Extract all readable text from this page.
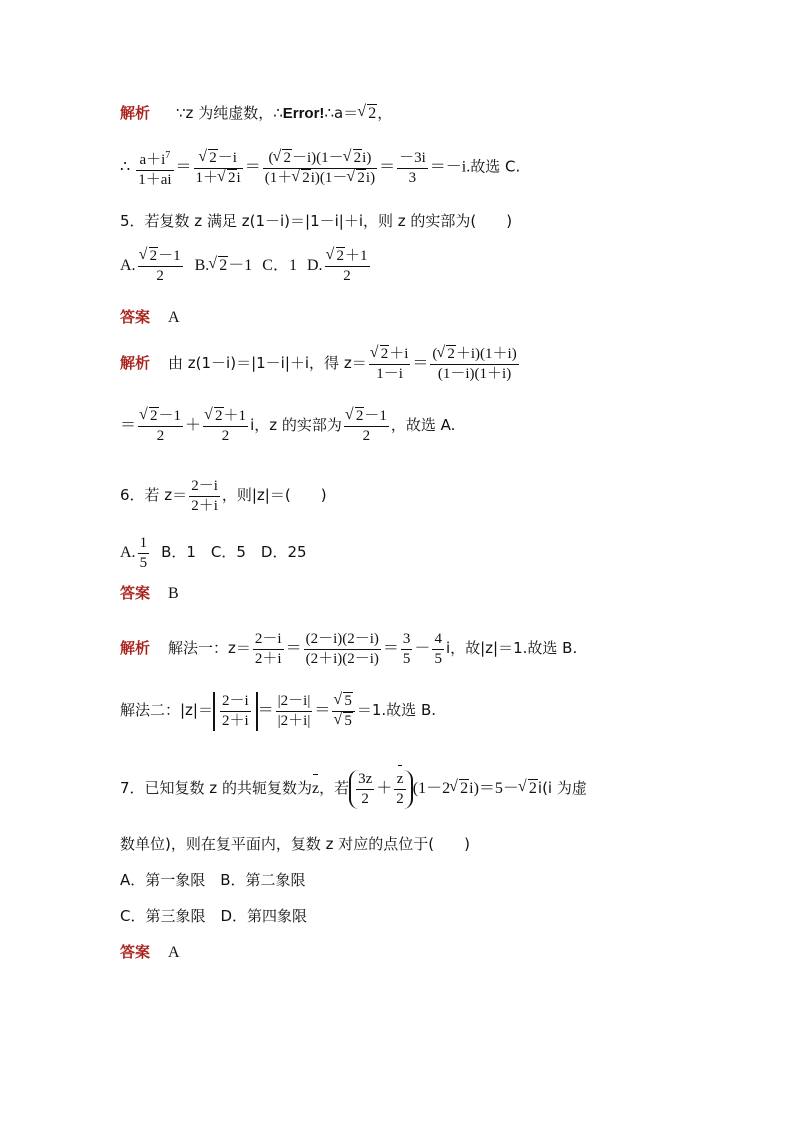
解析 ∵z 为纯虚数，∴Error!∴a＝√ 2，
∴ $\frac{a+i^7}{1+ai}$ ＝
√ $\frac{2-i}{1+√ 2i} = \frac{(√ 2-i)(1-√ 2i)}{(1+√ 2i)(1-√ 2i)} = \frac{-3i}{3} =-i$.故选 C.
5．若复数 z 满足 z(1－i)＝|1－i|＋i，则 z 的实部为(　　)
A.
√ $\frac{2-1}{2} B.√$ 2－1 C．1 D.
√ $\frac{2+1}{2}$
答案 A
解析 由 z(1－i)＝|1－i|＋i，得 z＝
√ $\frac{2+i}{1-i} = \frac{(√ 2+i)(1+i)}{(1-i)(1+i)}$
＝
√ $\frac{2-1}{2}$ ＋
√ $\frac{2+1}{2}$ i，z 的实部为
√ $\frac{2-1}{2}$ ，故选 A.
6．若 $z= \frac{2-i}{2+i}$ ，则|z|＝(　　)
A. $\frac{1}{5}$ B．1　C．5　D．25
答案 B
解析 解法一：$z= \frac{2-i}{2+i} = \frac{(2-i)(2-i)}{(2+i)(2-i)} = \frac{3}{5} - \frac{4}{5}$ i，故|z|＝1.故选 B.
解法二：$|z|= \frac{2-i}{2+i} = \frac{|2-i|}{|2+i|}$ ＝
√ 5
√ 5 ＝1.故选 B.
7．已知复数 z 的共轭复数为z，若 $\frac{3z}{2} + \frac{z}{2} (1-2√$ 2i)＝5－√ 2i(i 为虚
数单位)，则在复平面内，复数 z 对应的点位于(　　)
A．第一象限　B．第二象限
C．第三象限　D．第四象限
答案 A
